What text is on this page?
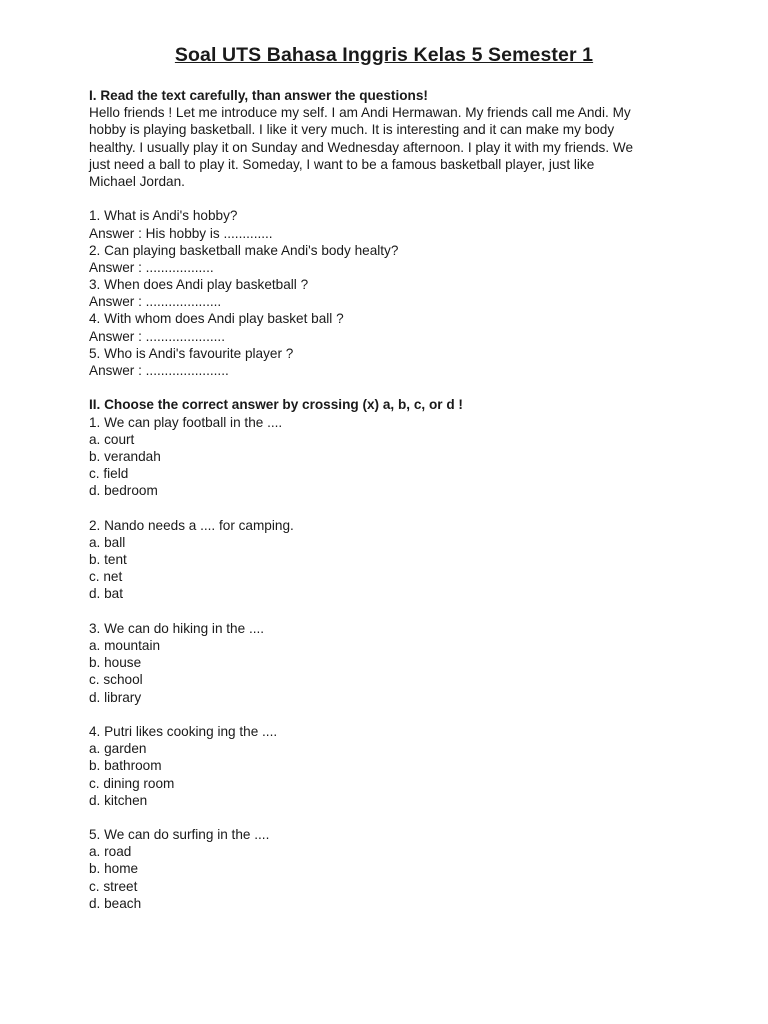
Soal UTS Bahasa Inggris Kelas 5 Semester 1
I. Read the text carefully, than answer the questions!
Hello friends ! Let me introduce my self. I am Andi Hermawan. My friends call me Andi. My
hobby is playing basketball. I like it very much. It is interesting and it can make my body
healthy. I usually play it on Sunday and Wednesday afternoon. I play it with my friends. We
just need a ball to play it. Someday, I want to be a famous basketball player, just like
Michael Jordan.
1. What is Andi's hobby?
Answer : His hobby is .............
2. Can playing basketball make Andi's body healty?
Answer : ..................
3. When does Andi play basketball ?
Answer : ....................
4. With whom does Andi play basket ball ?
Answer : .....................
5. Who is Andi's favourite player ?
Answer : ......................
II. Choose the correct answer by crossing (x) a, b, c, or d !
1. We can play football in the ....
a. court
b. verandah
c. field
d. bedroom
2. Nando needs a .... for camping.
a. ball
b. tent
c. net
d. bat
3. We can do hiking in the ....
a. mountain
b. house
c. school
d. library
4. Putri likes cooking ing the ....
a. garden
b. bathroom
c. dining room
d. kitchen
5. We can do surfing in the ....
a. road
b. home
c. street
d. beach
